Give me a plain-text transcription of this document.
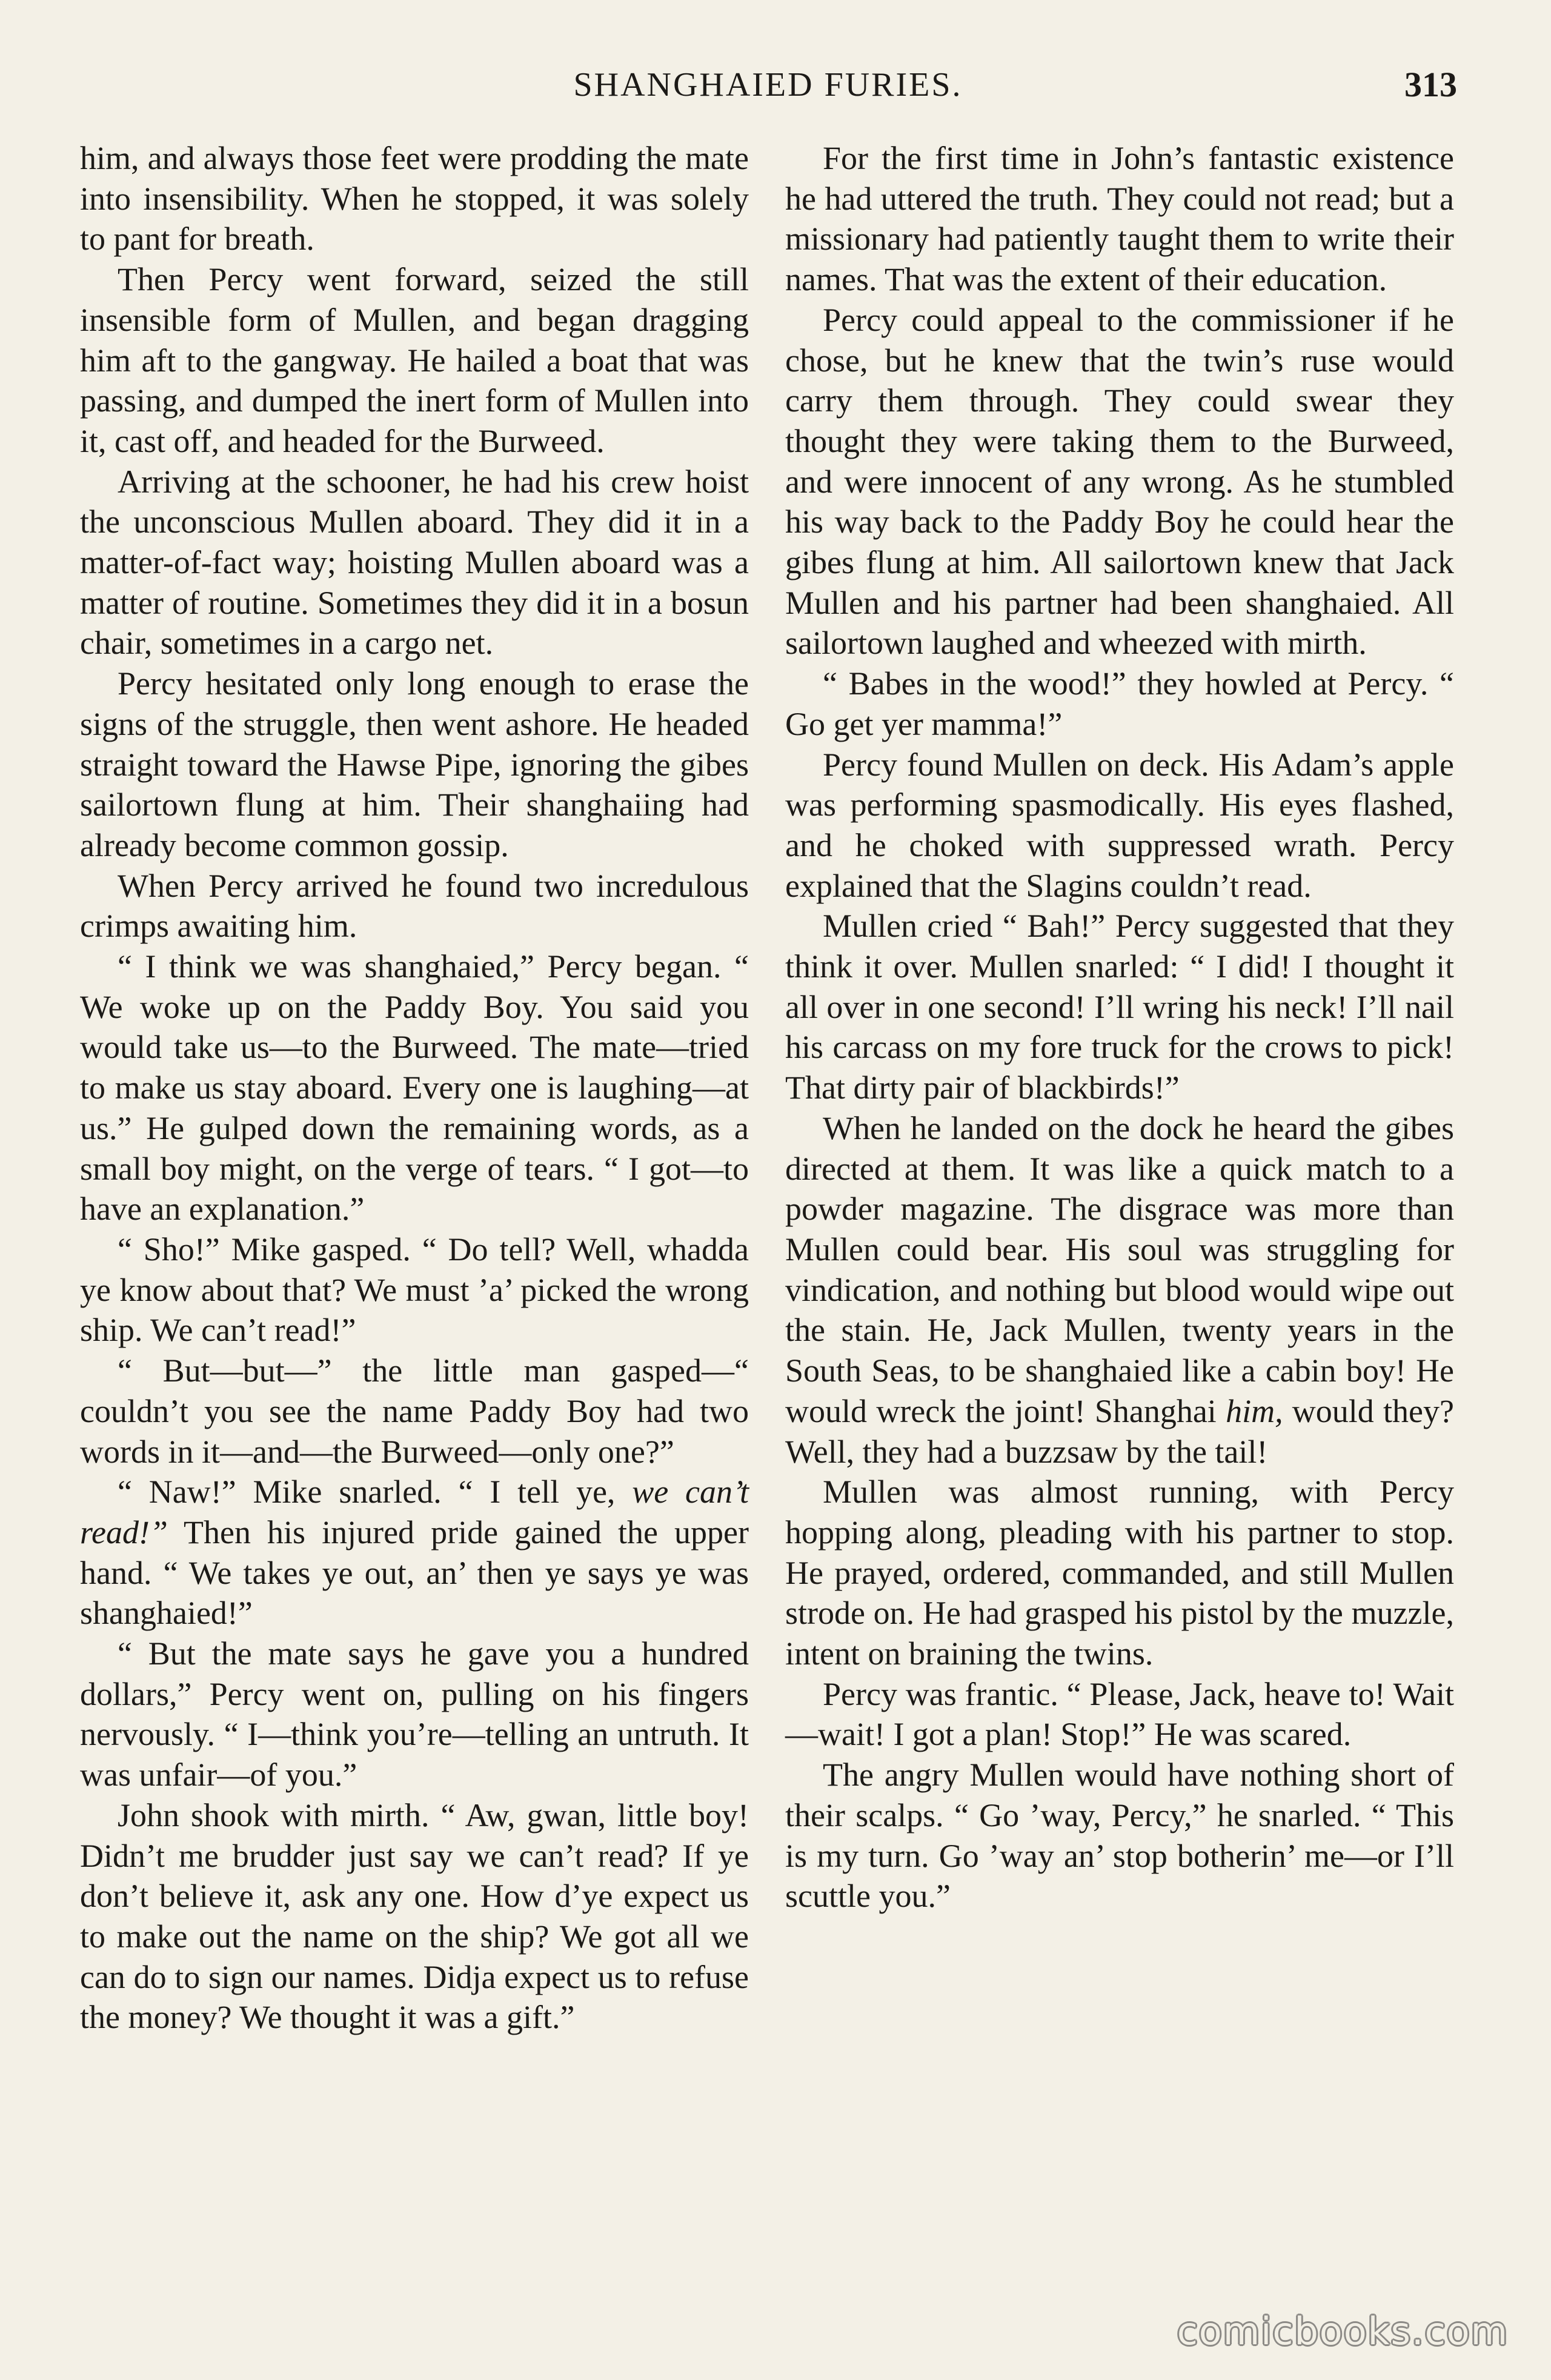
SHANGHAIED FURIES.	313

him, and always those feet were prodding the mate into insensibility. When he stopped, it was solely to pant for breath.

Then Percy went forward, seized the still insensible form of Mullen, and began dragging him aft to the gangway. He hailed a boat that was passing, and dumped the inert form of Mullen into it, cast off, and headed for the Burweed.

Arriving at the schooner, he had his crew hoist the unconscious Mullen aboard. They did it in a matter-of-fact way; hoisting Mullen aboard was a matter of routine. Sometimes they did it in a bosun chair, sometimes in a cargo net.

Percy hesitated only long enough to erase the signs of the struggle, then went ashore. He headed straight toward the Hawse Pipe, ignoring the gibes sailortown flung at him. Their shanghaiing had already become common gossip.

When Percy arrived he found two incredulous crimps awaiting him.

“ I think we was shanghaied,” Percy began. “ We woke up on the Paddy Boy. You said you would take us—to the Burweed. The mate—tried to make us stay aboard. Every one is laughing—at us.” He gulped down the remaining words, as a small boy might, on the verge of tears. “ I got—to have an explanation.”

“ Sho!” Mike gasped. “ Do tell? Well, whadda ye know about that? We must ’a’ picked the wrong ship. We can’t read!”

“ But—but—” the little man gasped—“ couldn’t you see the name Paddy Boy had two words in it—and—the Burweed—only one?”

“ Naw!” Mike snarled. “ I tell ye, we can’t read!” Then his injured pride gained the upper hand. “ We takes ye out, an’ then ye says ye was shanghaied!”

“ But the mate says he gave you a hundred dollars,” Percy went on, pulling on his fingers nervously. “ I—think you’re—telling an untruth. It was unfair—of you.”

John shook with mirth. “ Aw, gwan, little boy! Didn’t me brudder just say we can’t read? If ye don’t believe it, ask any one. How d’ye expect us to make out the name on the ship? We got all we can do to sign our names. Didja expect us to refuse the money? We thought it was a gift.”

For the first time in John’s fantastic existence he had uttered the truth. They could not read; but a missionary had patiently taught them to write their names. That was the extent of their education.

Percy could appeal to the commissioner if he chose, but he knew that the twin’s ruse would carry them through. They could swear they thought they were taking them to the Burweed, and were innocent of any wrong. As he stumbled his way back to the Paddy Boy he could hear the gibes flung at him. All sailortown knew that Jack Mullen and his partner had been shanghaied. All sailortown laughed and wheezed with mirth.

“ Babes in the wood!” they howled at Percy. “ Go get yer mamma!”

Percy found Mullen on deck. His Adam’s apple was performing spasmodically. His eyes flashed, and he choked with suppressed wrath. Percy explained that the Slagins couldn’t read.

Mullen cried “ Bah!” Percy suggested that they think it over. Mullen snarled: “ I did! I thought it all over in one second! I’ll wring his neck! I’ll nail his carcass on my fore truck for the crows to pick! That dirty pair of blackbirds!”

When he landed on the dock he heard the gibes directed at them. It was like a quick match to a powder magazine. The disgrace was more than Mullen could bear. His soul was struggling for vindication, and nothing but blood would wipe out the stain. He, Jack Mullen, twenty years in the South Seas, to be shanghaied like a cabin boy! He would wreck the joint! Shanghai him, would they? Well, they had a buzzsaw by the tail!

Mullen was almost running, with Percy hopping along, pleading with his partner to stop. He prayed, ordered, commanded, and still Mullen strode on. He had grasped his pistol by the muzzle, intent on braining the twins.

Percy was frantic. “ Please, Jack, heave to! Wait—wait! I got a plan! Stop!” He was scared.

The angry Mullen would have nothing short of their scalps. “ Go ’way, Percy,” he snarled. “ This is my turn. Go ’way an’ stop botherin’ me—or I’ll scuttle you.”

comicbooks.com
